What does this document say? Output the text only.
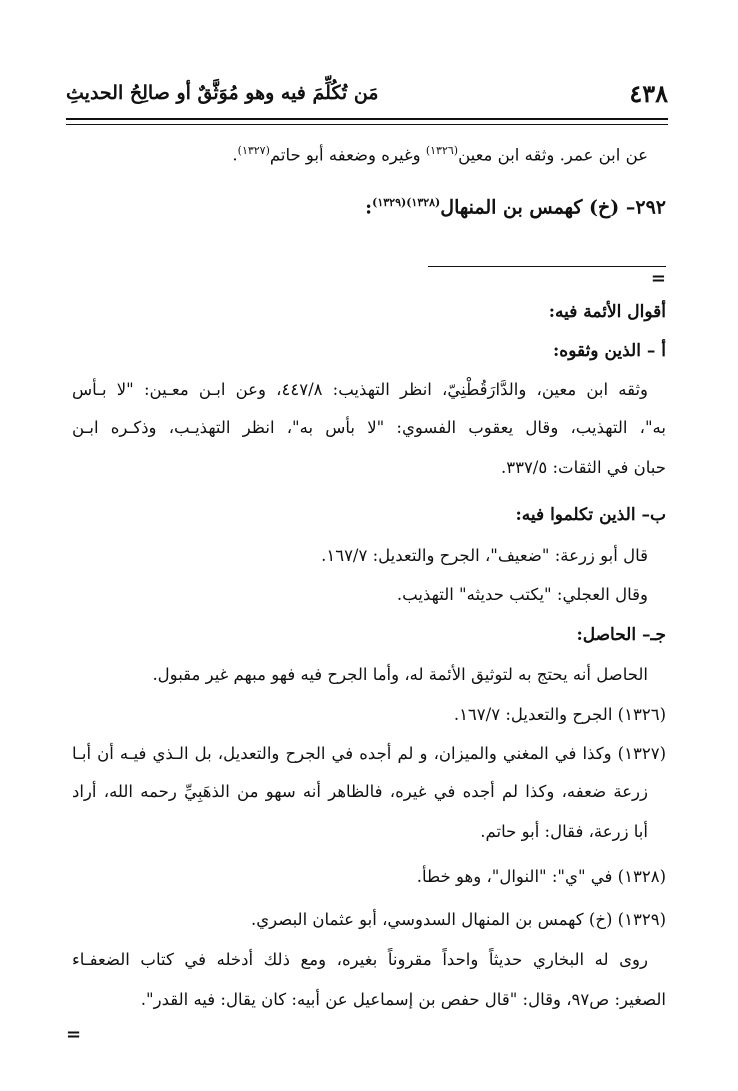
٤٣٨
مَن تُكُلِّمَ فيه وهو مُوَثَّقٌ أو صالِحُ الحديثِ
عن ابن عمر. وثقه ابن معين$^{(١٣٢٦)}$ وغيره وضعفه أبو حاتم$^{(١٣٢٧)}$.
٢٩٢– (خ) كهمس بن المنهال$^{(١٣٢٨)(١٣٢٩)}$:
=
أقوال الأئمة فيه:
أ – الذين وثقوه:
وثقه ابن معين، والدَّارَقُطْنِيّ، انظر التهذيب: ٤٤٧/٨، وعن ابـن معـين: "لا بـأس
به"، التهذيب، وقال يعقوب الفسوي: "لا بأس به"، انظر التهذيـب، وذكـره ابـن
حبان في الثقات: ٣٣٧/٥.
ب– الذين تكلموا فيه:
قال أبو زرعة: "ضعيف"، الجرح والتعديل: ١٦٧/٧.
وقال العجلي: "يكتب حديثه" التهذيب.
جـ– الحاصل:
الحاصل أنه يحتج به لتوثيق الأئمة له، وأما الجرح فيه فهو مبهم غير مقبول.
(١٣٢٦) الجرح والتعديل: ١٦٧/٧.
(١٣٢٧) وكذا في المغني والميزان، و لم أجده في الجرح والتعديل، بل الـذي فيـه أن أبـا
زرعة ضعفه، وكذا لم أجده في غيره، فالظاهر أنه سهو من الذهَبِيِّ رحمه الله، أراد
أبا زرعة، فقال: أبو حاتم.
(١٣٢٨) في "ي": "النوال"، وهو خطأ.
(١٣٢٩) (خ) كهمس بن المنهال السدوسي، أبو عثمان البصري.
روى له البخاري حديثاً واحداً مقروناً بغيره، ومع ذلك أدخله في كتاب الضعفـاء
الصغير: ص٩٧، وقال: "قال حفص بن إسماعيل عن أبيه: كان يقال: فيه القدر".
=
